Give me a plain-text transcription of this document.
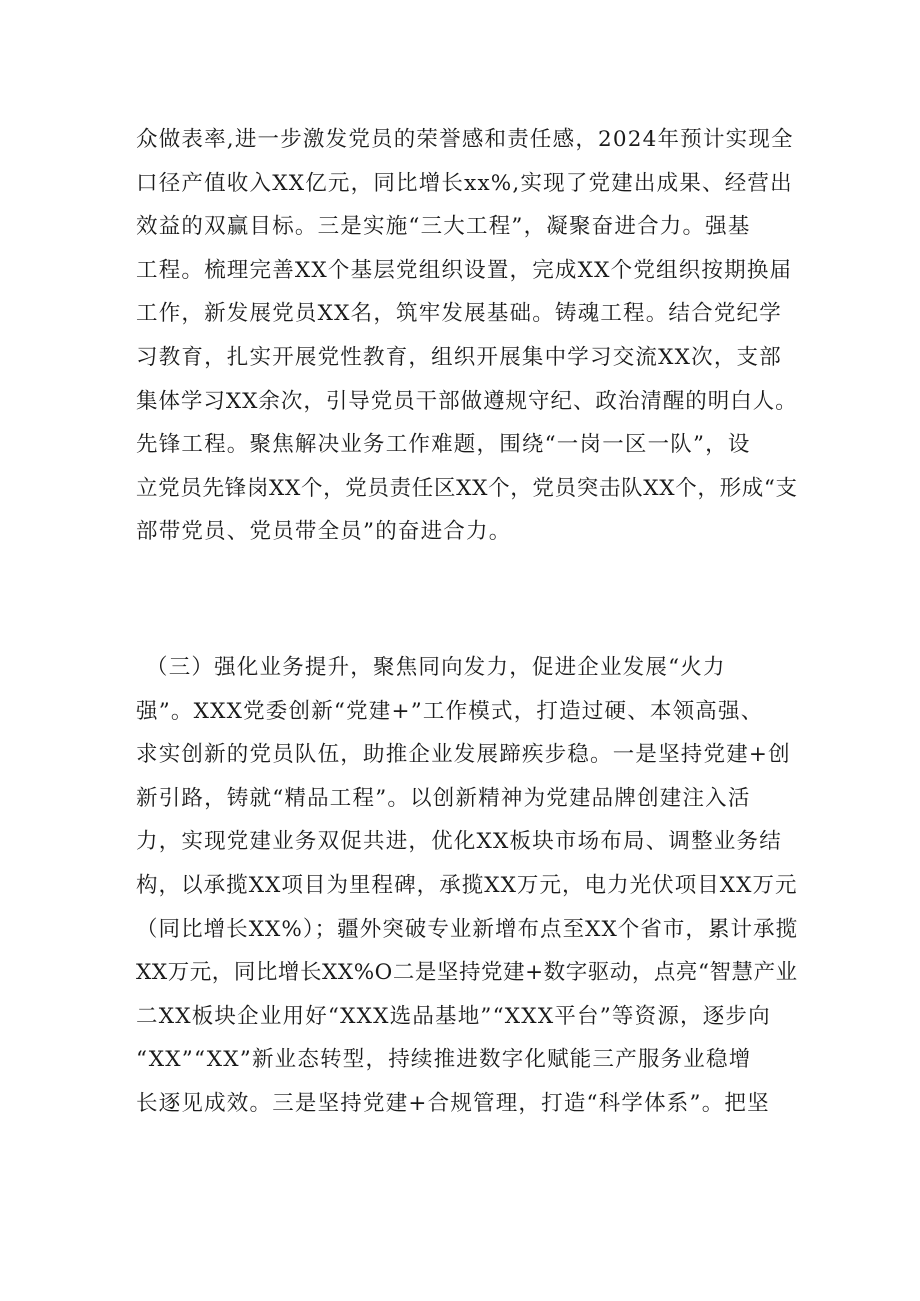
众做表率,进一步激发党员的荣誉感和责任感，2024年预计实现全
口径产值收入XX亿元，同比增长xx%,实现了党建出成果、经营出
效益的双赢目标。三是实施“三大工程”，凝聚奋进合力。强基
工程。梳理完善XX个基层党组织设置，完成XX个党组织按期换届
工作，新发展党员XX名，筑牢发展基础。铸魂工程。结合党纪学
习教育，扎实开展党性教育，组织开展集中学习交流XX次，支部
集体学习XX余次，引导党员干部做遵规守纪、政治清醒的明白人。
先锋工程。聚焦解决业务工作难题，围绕“一岗一区一队”，设
立党员先锋岗XX个，党员责任区XX个，党员突击队XX个，形成“支
部带党员、党员带全员”的奋进合力。
（三）强化业务提升，聚焦同向发力，促进企业发展“火力
强”。XXX党委创新“党建+”工作模式，打造过硬、本领高强、
求实创新的党员队伍，助推企业发展蹄疾步稳。一是坚持党建+创
新引路，铸就“精品工程”。以创新精神为党建品牌创建注入活
力，实现党建业务双促共进，优化XX板块市场布局、调整业务结
构，以承揽XX项目为里程碑，承揽XX万元，电力光伏项目XX万元
（同比增长XX%）；疆外突破专业新增布点至XX个省市，累计承揽
XX万元，同比增长XX%O二是坚持党建+数字驱动，点亮“智慧产业
二XX板块企业用好“XXX选品基地”“XXX平台”等资源，逐步向
“XX”“XX”新业态转型，持续推进数字化赋能三产服务业稳增
长逐见成效。三是坚持党建+合规管理，打造“科学体系”。把坚
